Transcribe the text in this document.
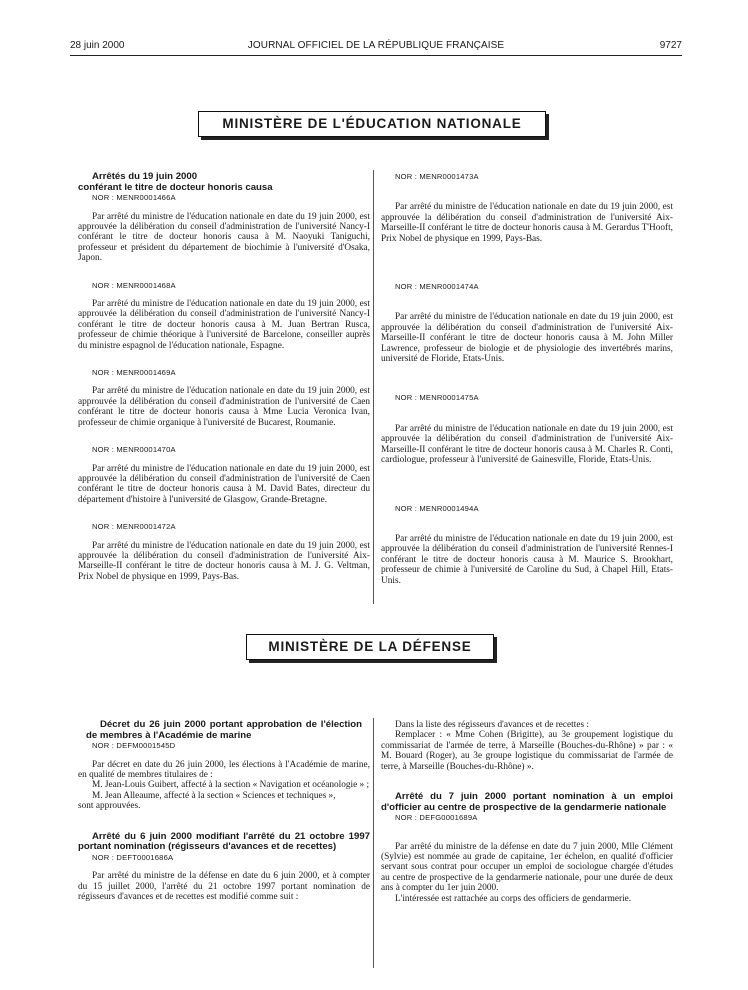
28 juin 2000	JOURNAL OFFICIEL DE LA RÉPUBLIQUE FRANÇAISE	9727
MINISTÈRE DE L'ÉDUCATION NATIONALE

Arrêtés du 19 juin 2000
conférant le titre de docteur honoris causa

NOR : MENR0001466A

Par arrêté du ministre de l'éducation nationale en date du 19 juin 2000, est approuvée la délibération du conseil d'administration de l'université Nancy-I conférant le titre de docteur honoris causa à M. Naoyuki Taniguchi, professeur et président du département de biochimie à l'université d'Osaka, Japon.

NOR : MENR0001468A

Par arrêté du ministre de l'éducation nationale en date du 19 juin 2000, est approuvée la délibération du conseil d'administration de l'université Nancy-I conférant le titre de docteur honoris causa à M. Juan Bertran Rusca, professeur de chimie théorique à l'université de Barcelone, conseiller auprès du ministre espagnol de l'éducation nationale, Espagne.

NOR : MENR0001469A

Par arrêté du ministre de l'éducation nationale en date du 19 juin 2000, est approuvée la délibération du conseil d'administration de l'université de Caen conférant le titre de docteur honoris causa à Mme Lucia Veronica Ivan, professeur de chimie organique à l'université de Bucarest, Roumanie.

NOR : MENR0001470A

Par arrêté du ministre de l'éducation nationale en date du 19 juin 2000, est approuvée la délibération du conseil d'administration de l'université de Caen conférant le titre de docteur honoris causa à M. David Bates, directeur du département d'histoire à l'université de Glasgow, Grande-Bretagne.

NOR : MENR0001472A

Par arrêté du ministre de l'éducation nationale en date du 19 juin 2000, est approuvée la délibération du conseil d'administration de l'université Aix-Marseille-II conférant le titre de docteur honoris causa à M. J. G. Veltman, Prix Nobel de physique en 1999, Pays-Bas.

NOR : MENR0001473A

Par arrêté du ministre de l'éducation nationale en date du 19 juin 2000, est approuvée la délibération du conseil d'administration de l'université Aix-Marseille-II conférant le titre de docteur honoris causa à M. Gerardus T'Hooft, Prix Nobel de physique en 1999, Pays-Bas.

NOR : MENR0001474A

Par arrêté du ministre de l'éducation nationale en date du 19 juin 2000, est approuvée la délibération du conseil d'administration de l'université Aix-Marseille-II conférant le titre de docteur honoris causa à M. John Miller Lawrence, professeur de biologie et de physiologie des invertébrés marins, université de Floride, Etats-Unis.

NOR : MENR0001475A

Par arrêté du ministre de l'éducation nationale en date du 19 juin 2000, est approuvée la délibération du conseil d'administration de l'université Aix-Marseille-II conférant le titre de docteur honoris causa à M. Charles R. Conti, cardiologue, professeur à l'université de Gainesville, Floride, Etats-Unis.

NOR : MENR0001494A

Par arrêté du ministre de l'éducation nationale en date du 19 juin 2000, est approuvée la délibération du conseil d'administration de l'université Rennes-I conférant le titre de docteur honoris causa à M. Maurice S. Brookhart, professeur de chimie à l'université de Caroline du Sud, à Chapel Hill, Etats-Unis.

MINISTÈRE DE LA DÉFENSE

Décret du 26 juin 2000 portant approbation de l'élection de membres à l'Académie de marine

NOR : DEFM0001545D

Par décret en date du 26 juin 2000, les élections à l'Académie de marine, en qualité de membres titulaires de :

M. Jean-Louis Guibert, affecté à la section « Navigation et océanologie » ;

M. Jean Alleaume, affecté à la section « Sciences et techniques »,

sont approuvées.

Arrêté du 6 juin 2000 modifiant l'arrêté du 21 octobre 1997 portant nomination (régisseurs d'avances et de recettes)

NOR : DEFT0001686A

Par arrêté du ministre de la défense en date du 6 juin 2000, et à compter du 15 juillet 2000, l'arrêté du 21 octobre 1997 portant nomination de régisseurs d'avances et de recettes est modifié comme suit :

Dans la liste des régisseurs d'avances et de recettes :

Remplacer : « Mme Cohen (Brigitte), au 3e groupement logistique du commissariat de l'armée de terre, à Marseille (Bouches-du-Rhône) » par : « M. Bouard (Roger), au 3e groupe logistique du commissariat de l'armée de terre, à Marseille (Bouches-du-Rhône) ».

Arrêté du 7 juin 2000 portant nomination à un emploi d'officier au centre de prospective de la gendarmerie nationale

NOR : DEFG0001689A

Par arrêté du ministre de la défense en date du 7 juin 2000, Mlle Clément (Sylvie) est nommée au grade de capitaine, 1er échelon, en qualité d'officier servant sous contrat pour occuper un emploi de sociologue chargée d'études au centre de prospective de la gendarmerie nationale, pour une durée de deux ans à compter du 1er juin 2000.

L'intéressée est rattachée au corps des officiers de gendarmerie.
